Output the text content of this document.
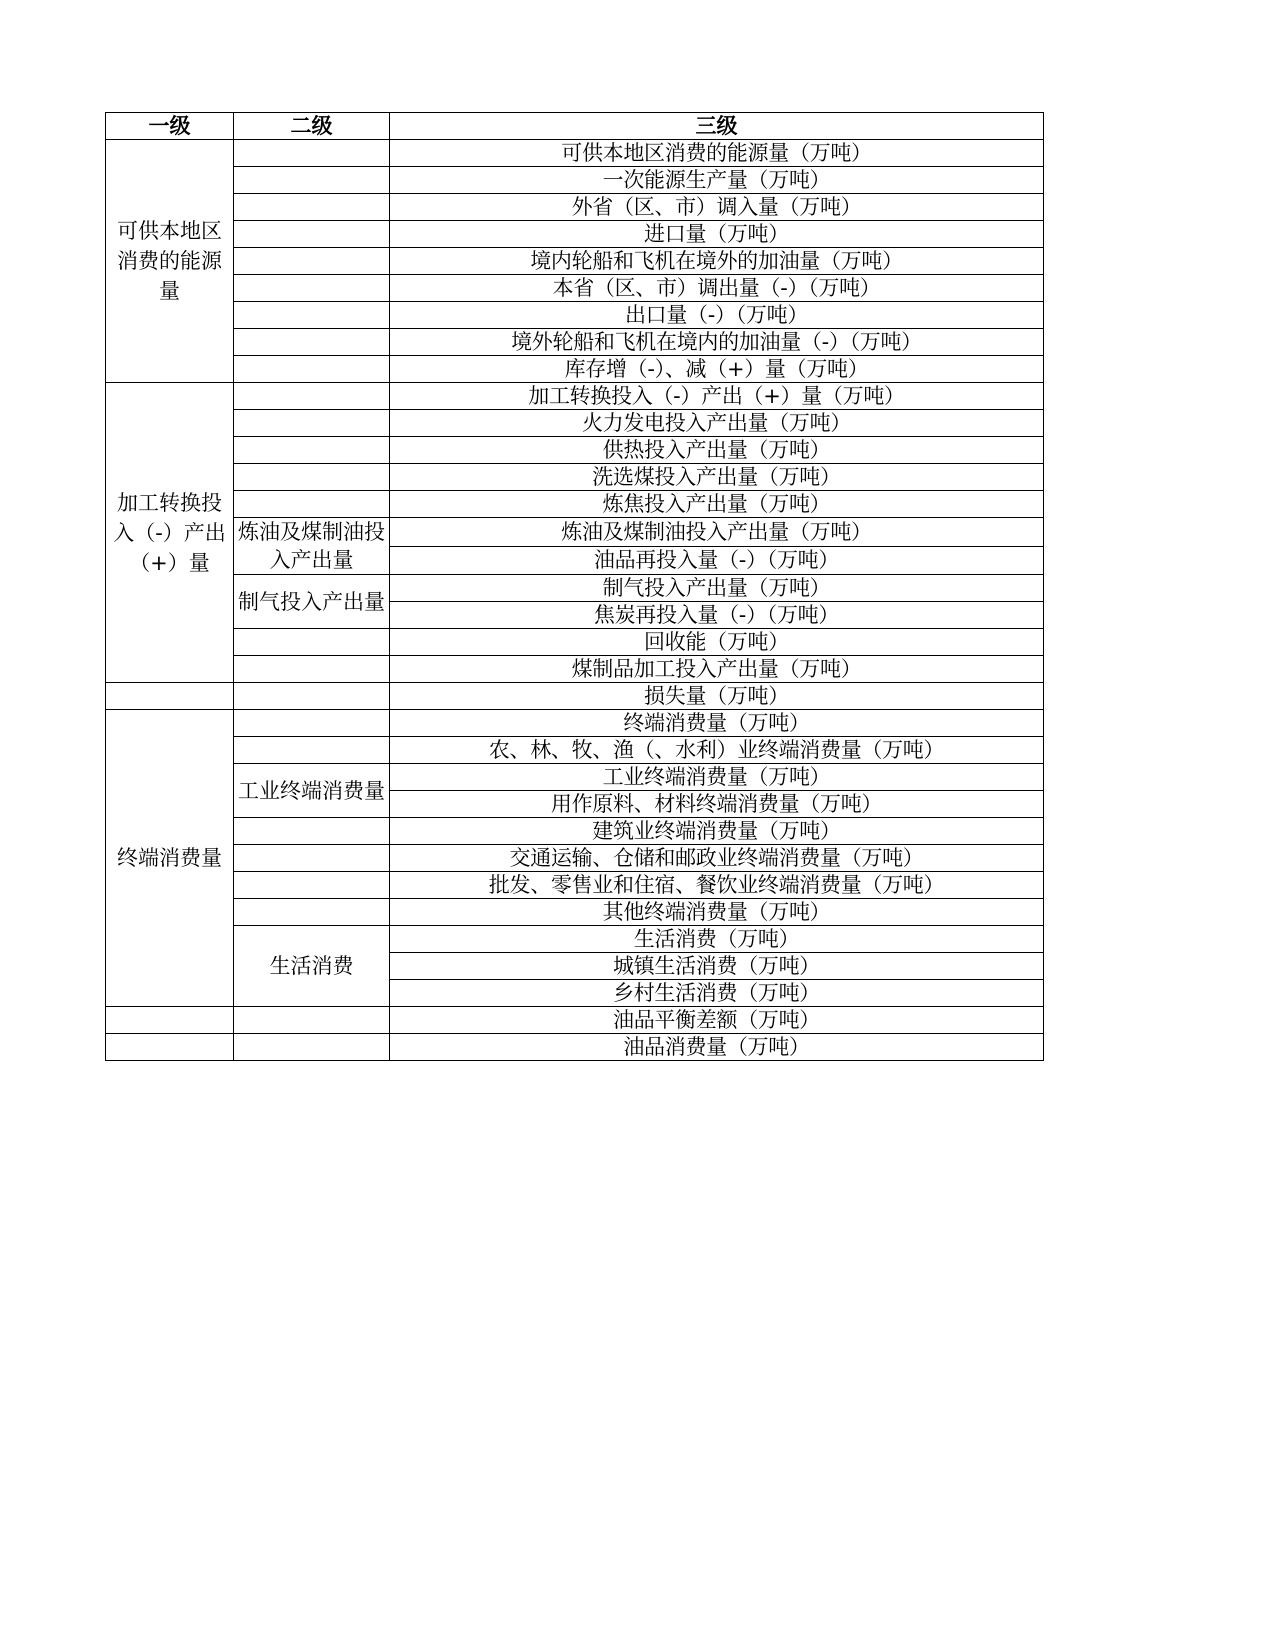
一级	二级	三级
可供本地区消费的能源量		可供本地区消费的能源量（万吨）
		一次能源生产量（万吨）
		外省（区、市）调入量（万吨）
		进口量（万吨）
		境内轮船和飞机在境外的加油量（万吨）
		本省（区、市）调出量（-）（万吨）
		出口量（-）（万吨）
		境外轮船和飞机在境内的加油量（-）（万吨）
		库存增（-）、减（+）量（万吨）
加工转换投入（-）产出（+）量		加工转换投入（-）产出（+）量（万吨）
		火力发电投入产出量（万吨）
		供热投入产出量（万吨）
		洗选煤投入产出量（万吨）
		炼焦投入产出量（万吨）
	炼油及煤制油投入产出量	炼油及煤制油投入产出量（万吨）
		油品再投入量（-）（万吨）
	制气投入产出量	制气投入产出量（万吨）
		焦炭再投入量（-）（万吨）
		回收能（万吨）
		煤制品加工投入产出量（万吨）
		损失量（万吨）
终端消费量		终端消费量（万吨）
		农、林、牧、渔（、水利）业终端消费量（万吨）
	工业终端消费量	工业终端消费量（万吨）
		用作原料、材料终端消费量（万吨）
		建筑业终端消费量（万吨）
		交通运输、仓储和邮政业终端消费量（万吨）
		批发、零售业和住宿、餐饮业终端消费量（万吨）
		其他终端消费量（万吨）
	生活消费	生活消费（万吨）
		城镇生活消费（万吨）
		乡村生活消费（万吨）
		油品平衡差额（万吨）
		油品消费量（万吨）
